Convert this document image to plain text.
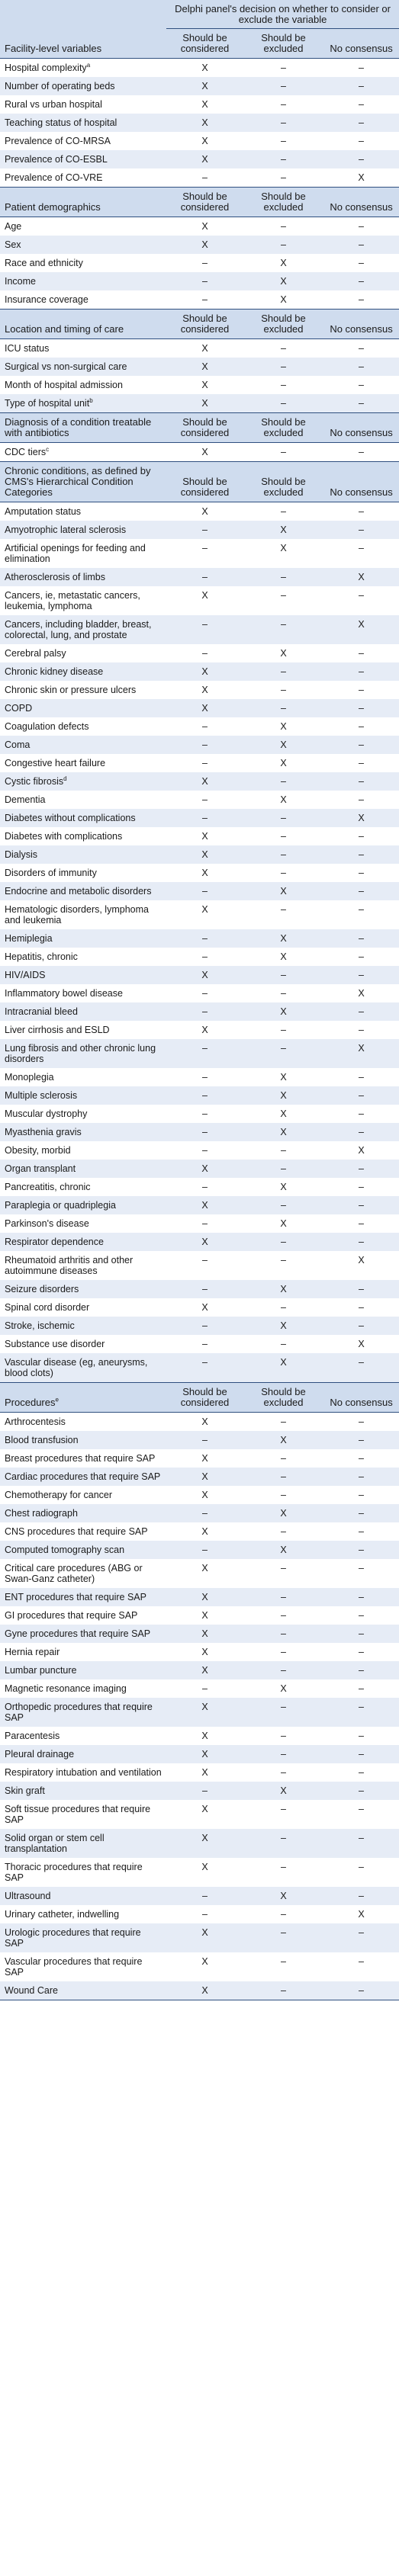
Facility-level variables	Delphi panel's decision on whether to consider or exclude the variable		
	Should be considered	Should be excluded	No consensus
Hospital complexity$^a$	X	–	–
Number of operating beds	X	–	–
Rural vs urban hospital	X	–	–
Teaching status of hospital	X	–	–
Prevalence of CO-MRSA	X	–	–
Prevalence of CO-ESBL	X	–	–
Prevalence of CO-VRE	–	–	X
Patient demographics	Should be considered	Should be excluded	No consensus
Age	X	–	–
Sex	X	–	–
Race and ethnicity	–	X	–
Income	–	X	–
Insurance coverage	–	X	–
Location and timing of care	Should be considered	Should be excluded	No consensus
ICU status	X	–	–
Surgical vs non-surgical care	X	–	–
Month of hospital admission	X	–	–
Type of hospital unit$^b$	X	–	–
Diagnosis of a condition treatable with antibiotics	Should be considered	Should be excluded	No consensus
CDC tiers$^c$	X	–	–
Chronic conditions, as defined by CMS's Hierarchical Condition Categories	Should be considered	Should be excluded	No consensus
Amputation status	X	–	–
Amyotrophic lateral sclerosis	–	X	–
Artificial openings for feeding and elimination	–	X	–
Atherosclerosis of limbs	–	–	X
Cancers, ie, metastatic cancers, leukemia, lymphoma	X	–	–
Cancers, including bladder, breast, colorectal, lung, and prostate	–	–	X
Cerebral palsy	–	X	–
Chronic kidney disease	X	–	–
Chronic skin or pressure ulcers	X	–	–
COPD	X	–	–
Coagulation defects	–	X	–
Coma	–	X	–
Congestive heart failure	–	X	–
Cystic fibrosis$^d$	X	–	–
Dementia	–	X	–
Diabetes without complications	–	–	X
Diabetes with complications	X	–	–
Dialysis	X	–	–
Disorders of immunity	X	–	–
Endocrine and metabolic disorders	–	X	–
Hematologic disorders, lymphoma and leukemia	X	–	–
Hemiplegia	–	X	–
Hepatitis, chronic	–	X	–
HIV/AIDS	X	–	–
Inflammatory bowel disease	–	–	X
Intracranial bleed	–	X	–
Liver cirrhosis and ESLD	X	–	–
Lung fibrosis and other chronic lung disorders	–	–	X
Monoplegia	–	X	–
Multiple sclerosis	–	X	–
Muscular dystrophy	–	X	–
Myasthenia gravis	–	X	–
Obesity, morbid	–	–	X
Organ transplant	X	–	–
Pancreatitis, chronic	–	X	–
Paraplegia or quadriplegia	X	–	–
Parkinson's disease	–	X	–
Respirator dependence	X	–	–
Rheumatoid arthritis and other autoimmune diseases	–	–	X
Seizure disorders	–	X	–
Spinal cord disorder	X	–	–
Stroke, ischemic	–	X	–
Substance use disorder	–	–	X
Vascular disease (eg, aneurysms, blood clots)	–	X	–
Procedures$^e$	Should be considered	Should be excluded	No consensus
Arthrocentesis	X	–	–
Blood transfusion	–	X	–
Breast procedures that require SAP	X	–	–
Cardiac procedures that require SAP	X	–	–
Chemotherapy for cancer	X	–	–
Chest radiograph	–	X	–
CNS procedures that require SAP	X	–	–
Computed tomography scan	–	X	–
Critical care procedures (ABG or Swan-Ganz catheter)	X	–	–
ENT procedures that require SAP	X	–	–
GI procedures that require SAP	X	–	–
Gyne procedures that require SAP	X	–	–
Hernia repair	X	–	–
Lumbar puncture	X	–	–
Magnetic resonance imaging	–	X	–
Orthopedic procedures that require SAP	X	–	–
Paracentesis	X	–	–
Pleural drainage	X	–	–
Respiratory intubation and ventilation	X	–	–
Skin graft	–	X	–
Soft tissue procedures that require SAP	X	–	–
Solid organ or stem cell transplantation	X	–	–
Thoracic procedures that require SAP	X	–	–
Ultrasound	–	X	–
Urinary catheter, indwelling	–	–	X
Urologic procedures that require SAP	X	–	–
Vascular procedures that require SAP	X	–	–
Wound Care	X	–	–
